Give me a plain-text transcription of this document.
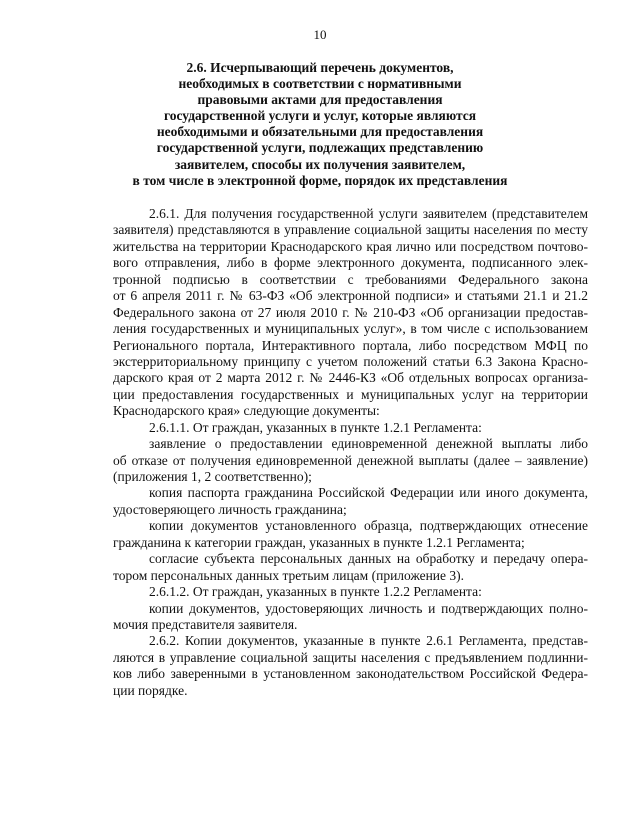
10
2.6. Исчерпывающий перечень документов,
необходимых в соответствии с нормативными
правовыми актами для предоставления
государственной услуги и услуг, которые являются
необходимыми и обязательными для предоставления
государственной услуги, подлежащих представлению
заявителем, способы их получения заявителем,
в том числе в электронной форме, порядок их представления
2.6.1. Для получения государственной услуги заявителем (представителем
заявителя) представляются в управление социальной защиты населения по месту
жительства на территории Краснодарского края лично или посредством почтово-
вого отправления, либо в форме электронного документа, подписанного элек-
тронной подписью в соответствии с требованиями Федерального закона
от 6 апреля 2011 г. № 63-ФЗ «Об электронной подписи» и статьями 21.1 и 21.2
Федерального закона от 27 июля 2010 г. № 210-ФЗ «Об организации предостав-
ления государственных и муниципальных услуг», в том числе с использованием
Регионального портала, Интерактивного портала, либо посредством МФЦ по
экстерриториальному принципу с учетом положений статьи 6.3 Закона Красно-
дарского края от 2 марта 2012 г. № 2446-КЗ «Об отдельных вопросах организа-
ции предоставления государственных и муниципальных услуг на территории
Краснодарского края» следующие документы:
2.6.1.1. От граждан, указанных в пункте 1.2.1 Регламента:
заявление о предоставлении единовременной денежной выплаты либо
об отказе от получения единовременной денежной выплаты (далее – заявление)
(приложения 1, 2 соответственно);
копия паспорта гражданина Российской Федерации или иного документа,
удостоверяющего личность гражданина;
копии документов установленного образца, подтверждающих отнесение
гражданина к категории граждан, указанных в пункте 1.2.1 Регламента;
согласие субъекта персональных данных на обработку и передачу опера-
тором персональных данных третьим лицам (приложение 3).
2.6.1.2. От граждан, указанных в пункте 1.2.2 Регламента:
копии документов, удостоверяющих личность и подтверждающих полно-
мочия представителя заявителя.
2.6.2. Копии документов, указанные в пункте 2.6.1 Регламента, представ-
ляются в управление социальной защиты населения с предъявлением подлинни-
ков либо заверенными в установленном законодательством Российской Федера-
ции порядке.
